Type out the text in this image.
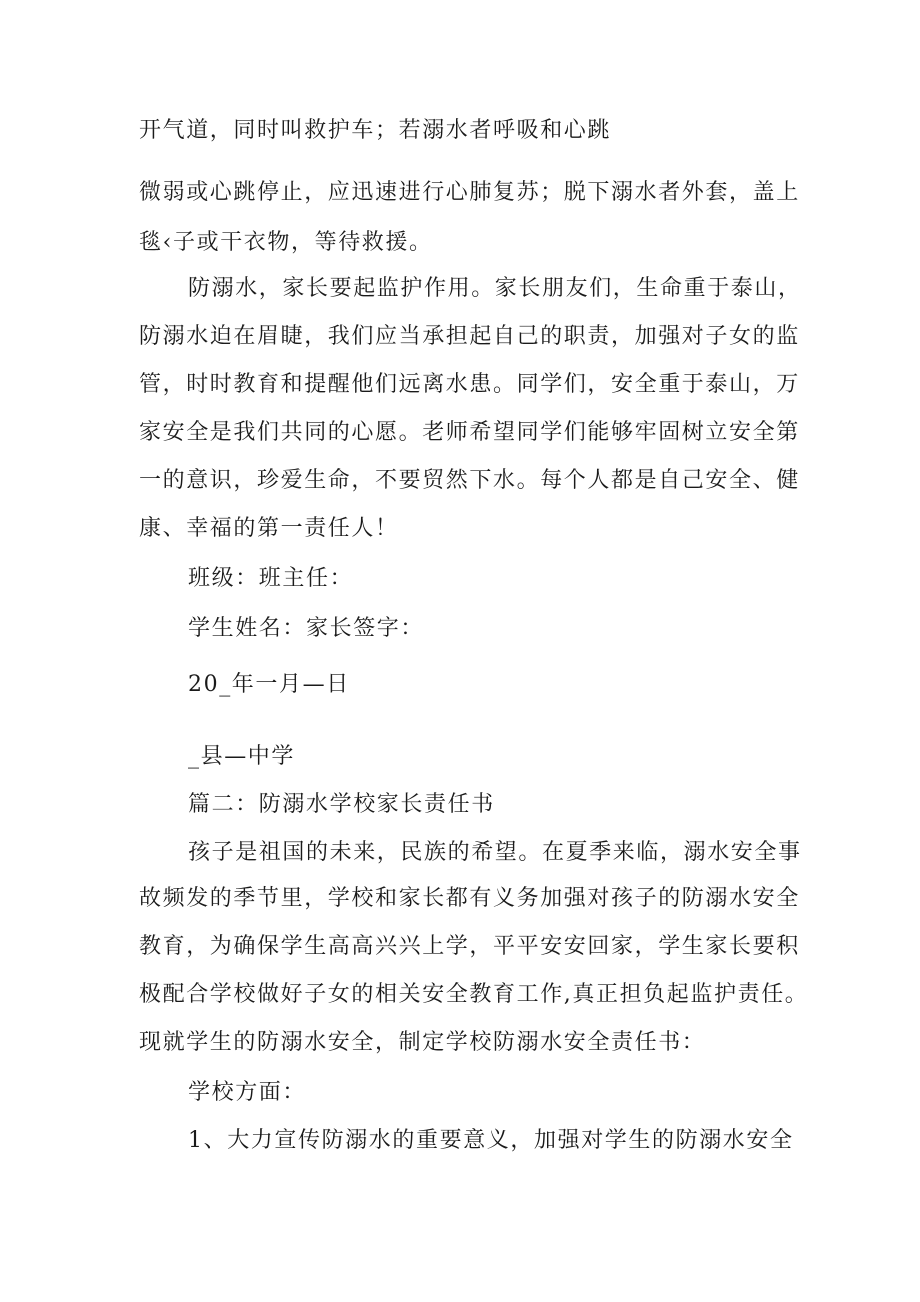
开气道，同时叫救护车；若溺水者呼吸和心跳
微弱或心跳停止，应迅速进行心肺复苏；脱下溺水者外套，盖上
毯‹子或干衣物，等待救援。
防溺水，家长要起监护作用。家长朋友们，生命重于泰山，
防溺水迫在眉睫，我们应当承担起自己的职责，加强对子女的监
管，时时教育和提醒他们远离水患。同学们，安全重于泰山，万
家安全是我们共同的心愿。老师希望同学们能够牢固树立安全第
一的意识，珍爱生命，不要贸然下水。每个人都是自己安全、健
康、幸福的第一责任人！
班级：班主任：
学生姓名：家长签字：
20_年一月—日
_县—中学
篇二：防溺水学校家长责任书
孩子是祖国的未来，民族的希望。在夏季来临，溺水安全事
故频发的季节里，学校和家长都有义务加强对孩子的防溺水安全
教育，为确保学生高高兴兴上学，平平安安回家，学生家长要积
极配合学校做好子女的相关安全教育工作,真正担负起监护责任。
现就学生的防溺水安全，制定学校防溺水安全责任书：
学校方面：
1、大力宣传防溺水的重要意义，加强对学生的防溺水安全
